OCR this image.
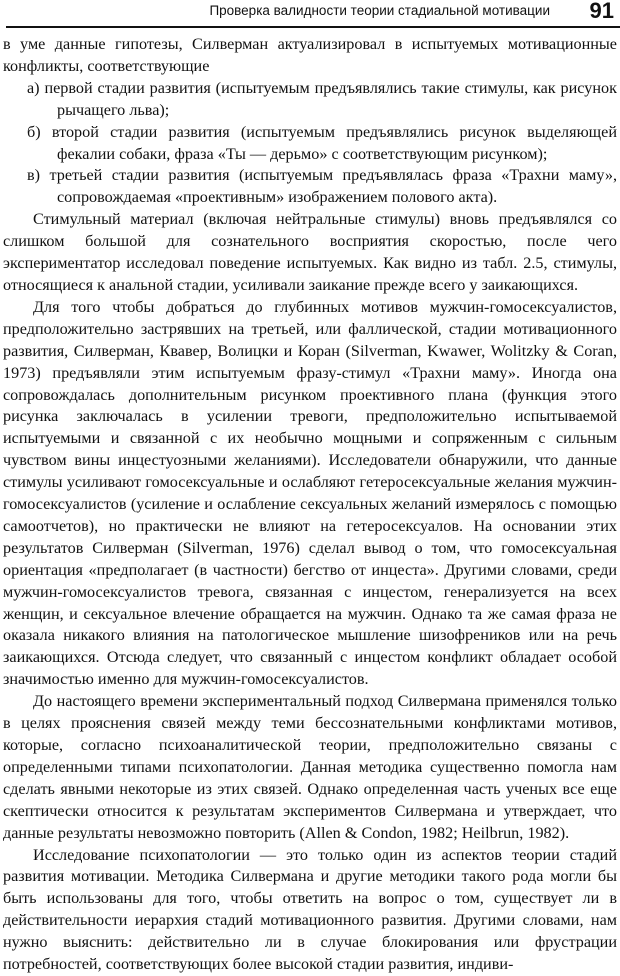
Проверка валидности теории стадиальной мотивации 91

в уме данные гипотезы, Силверман актуализировал в испытуемых мотивационные конфликты, соответствующие

а) первой стадии развития (испытуемым предъявлялись такие стимулы, как рисунок рычащего льва);

б) второй стадии развития (испытуемым предъявлялись рисунок выделяющей фекалии собаки, фраза «Ты — дерьмо» с соответствующим рисунком);

в) третьей стадии развития (испытуемым предъявлялась фраза «Трахни маму», сопровождаемая «проективным» изображением полового акта).

Стимульный материал (включая нейтральные стимулы) вновь предъявлялся со слишком большой для сознательного восприятия скоростью, после чего экспериментатор исследовал поведение испытуемых. Как видно из табл. 2.5, стимулы, относящиеся к анальной стадии, усиливали заикание прежде всего у заикающихся.

Для того чтобы добраться до глубинных мотивов мужчин-гомосексуалистов, предположительно застрявших на третьей, или фаллической, стадии мотивационного развития, Силверман, Квавер, Волицки и Коран (Silverman, Kwawer, Wolitzky & Coran, 1973) предъявляли этим испытуемым фразу-стимул «Трахни маму». Иногда она сопровождалась дополнительным рисунком проективного плана (функция этого рисунка заключалась в усилении тревоги, предположительно испытываемой испытуемыми и связанной с их необычно мощными и сопряженным с сильным чувством вины инцестуозными желаниями). Исследователи обнаружили, что данные стимулы усиливают гомосексуальные и ослабляют гетеросексуальные желания мужчин-гомосексуалистов (усиление и ослабление сексуальных желаний измерялось с помощью самоотчетов), но практически не влияют на гетеросексуалов. На основании этих результатов Силверман (Silverman, 1976) сделал вывод о том, что гомосексуальная ориентация «предполагает (в частности) бегство от инцеста». Другими словами, среди мужчин-гомосексуалистов тревога, связанная с инцестом, генерализуется на всех женщин, и сексуальное влечение обращается на мужчин. Однако та же самая фраза не оказала никакого влияния на патологическое мышление шизофреников или на речь заикающихся. Отсюда следует, что связанный с инцестом конфликт обладает особой значимостью именно для мужчин-гомосексуалистов.

До настоящего времени экспериментальный подход Силвермана применялся только в целях прояснения связей между теми бессознательными конфликтами мотивов, которые, согласно психоаналитической теории, предположительно связаны с определенными типами психопатологии. Данная методика существенно помогла нам сделать явными некоторые из этих связей. Однако определенная часть ученых все еще скептически относится к результатам экспериментов Силвермана и утверждает, что данные результаты невозможно повторить (Allen & Condon, 1982; Heilbrun, 1982).

Исследование психопатологии — это только один из аспектов теории стадий развития мотивации. Методика Силвермана и другие методики такого рода могли бы быть использованы для того, чтобы ответить на вопрос о том, существует ли в действительности иерархия стадий мотивационного развития. Другими словами, нам нужно выяснить: действительно ли в случае блокирования или фрустрации потребностей, соответствующих более высокой стадии развития, индиви-
